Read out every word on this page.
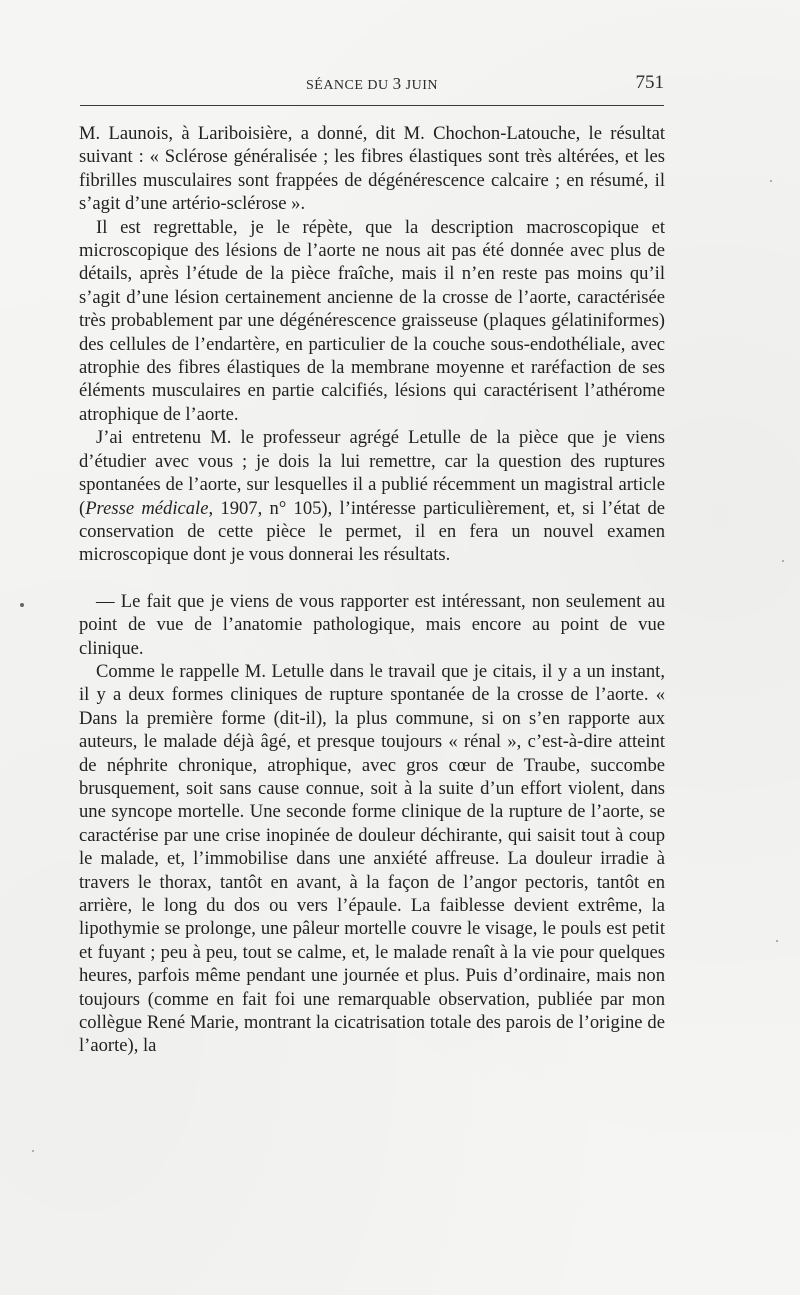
SÉANCE DU 3 JUIN	751

M. Launois, à Lariboisière, a donné, dit M. Chochon-Latouche, le résultat suivant : « Sclérose généralisée ; les fibres élastiques sont très altérées, et les fibrilles musculaires sont frappées de dégénérescence calcaire ; en résumé, il s’agit d’une artério-sclérose ».

Il est regrettable, je le répète, que la description macroscopique et microscopique des lésions de l’aorte ne nous ait pas été donnée avec plus de détails, après l’étude de la pièce fraîche, mais il n’en reste pas moins qu’il s’agit d’une lésion certainement ancienne de la crosse de l’aorte, caractérisée très probablement par une dégénérescence graisseuse (plaques gélatiniformes) des cellules de l’endartère, en particulier de la couche sous-endothéliale, avec atrophie des fibres élastiques de la membrane moyenne et raréfaction de ses éléments musculaires en partie calcifiés, lésions qui caractérisent l’athérome atrophique de l’aorte.

J’ai entretenu M. le professeur agrégé Letulle de la pièce que je viens d’étudier avec vous ; je dois la lui remettre, car la question des ruptures spontanées de l’aorte, sur lesquelles il a publié récemment un magistral article (Presse médicale, 1907, n° 105), l’intéresse particulièrement, et, si l’état de conservation de cette pièce le permet, il en fera un nouvel examen microscopique dont je vous donnerai les résultats.

— Le fait que je viens de vous rapporter est intéressant, non seulement au point de vue de l’anatomie pathologique, mais encore au point de vue clinique.

Comme le rappelle M. Letulle dans le travail que je citais, il y a un instant, il y a deux formes cliniques de rupture spontanée de la crosse de l’aorte. « Dans la première forme (dit-il), la plus commune, si on s’en rapporte aux auteurs, le malade déjà âgé, et presque toujours « rénal », c’est-à-dire atteint de néphrite chronique, atrophique, avec gros cœur de Traube, succombe brusquement, soit sans cause connue, soit à la suite d’un effort violent, dans une syncope mortelle. Une seconde forme clinique de la rupture de l’aorte, se caractérise par une crise inopinée de douleur déchirante, qui saisit tout à coup le malade, et, l’immobilise dans une anxiété affreuse. La douleur irradie à travers le thorax, tantôt en avant, à la façon de l’angor pectoris, tantôt en arrière, le long du dos ou vers l’épaule. La faiblesse devient extrême, la lipothymie se prolonge, une pâleur mortelle couvre le visage, le pouls est petit et fuyant ; peu à peu, tout se calme, et, le malade renaît à la vie pour quelques heures, parfois même pendant une journée et plus. Puis d’ordinaire, mais non toujours (comme en fait foi une remarquable observation, publiée par mon collègue René Marie, montrant la cicatrisation totale des parois de l’origine de l’aorte), la
